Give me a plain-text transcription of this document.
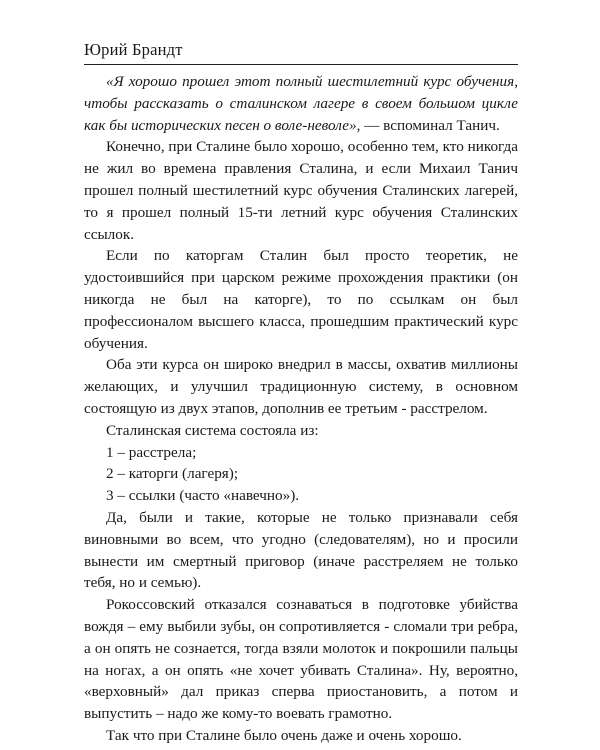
Юрий Брандт

«Я хорошо прошел этот полный шестилетний курс обучения, чтобы рассказать о сталинском лагере в своем большом цикле как бы исторических песен о воле-неволе», — вспоминал Танич.

Конечно, при Сталине было хорошо, особенно тем, кто никогда не жил во времена правления Сталина, и если Михаил Танич прошел полный шестилетний курс обучения Сталинских лагерей, то я прошел полный 15-ти летний курс обучения Сталинских ссылок.

Если по каторгам Сталин был просто теоретик, не удостоившийся при царском режиме прохождения практики (он никогда не был на каторге), то по ссылкам он был профессионалом высшего класса, прошедшим практический курс обучения.

Оба эти курса он широко внедрил в массы, охватив миллионы желающих, и улучшил традиционную систему, в основном состоящую из двух этапов, дополнив ее третьим - расстрелом.

Сталинская система состояла из:

1 – расстрела;

2 – каторги (лагеря);

3 – ссылки (часто «навечно»).

Да, были и такие, которые не только признавали себя виновными во всем, что угодно (следователям), но и просили вынести им смертный приговор (иначе расстреляем не только тебя, но и семью).

Рокоссовский отказался сознаваться в подготовке убийства вождя – ему выбили зубы, он сопротивляется - сломали три ребра, а он опять не сознается, тогда взяли молоток и покрошили пальцы на ногах, а он опять «не хочет убивать Сталина». Ну, вероятно, «верховный» дал приказ сперва приостановить, а потом и выпустить – надо же кому-то воевать грамотно.

Так что при Сталине было очень даже и очень хорошо.
